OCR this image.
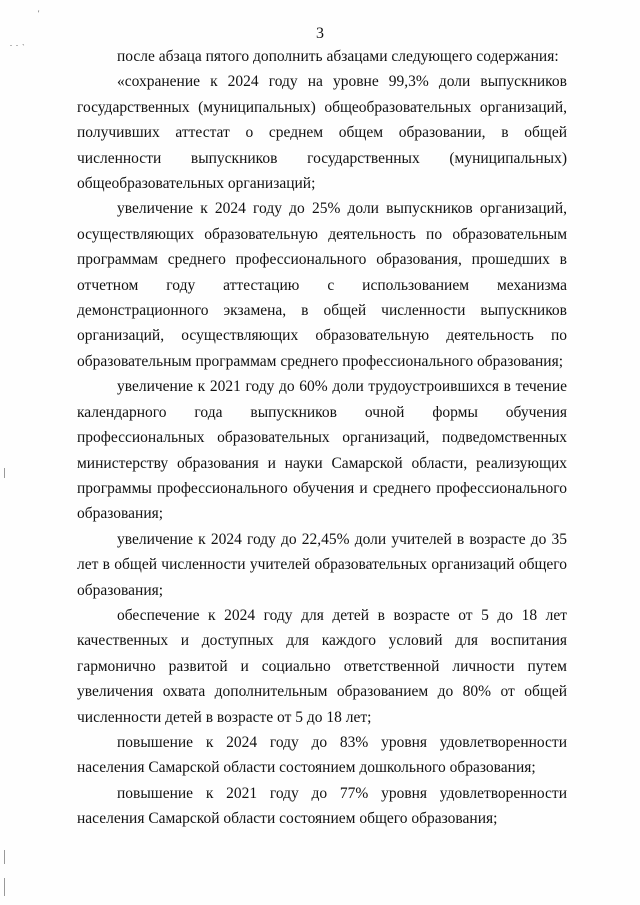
'
. . `
3

после абзаца пятого дополнить абзацами следующего содержания:

«сохранение к 2024 году на уровне 99,3% доли выпускников государственных (муниципальных) общеобразовательных организаций, получивших аттестат о среднем общем образовании, в общей численности выпускников государственных (муниципальных) общеобразовательных организаций;

увеличение к 2024 году до 25% доли выпускников организаций, осуществляющих образовательную деятельность по образовательным программам среднего профессионального образования, прошедших в отчетном году аттестацию с использованием механизма демонстрационного экзамена, в общей численности выпускников организаций, осуществляющих образовательную деятельность по образовательным программам среднего профессионального образования;

увеличение к 2021 году до 60% доли трудоустроившихся в течение календарного года выпускников очной формы обучения профессиональных образовательных организаций, подведомственных министерству образования и науки Самарской области, реализующих программы профессионального обучения и среднего профессионального образования;

увеличение к 2024 году до 22,45% доли учителей в возрасте до 35 лет в общей численности учителей образовательных организаций общего образования;

обеспечение к 2024 году для детей в возрасте от 5 до 18 лет качественных и доступных для каждого условий для воспитания гармонично развитой и социально ответственной личности путем увеличения охвата дополнительным образованием до 80% от общей численности детей в возрасте от 5 до 18 лет;

повышение к 2024 году до 83% уровня удовлетворенности населения Самарской области состоянием дошкольного образования;

повышение к 2021 году до 77% уровня удовлетворенности населения Самарской области состоянием общего образования;
